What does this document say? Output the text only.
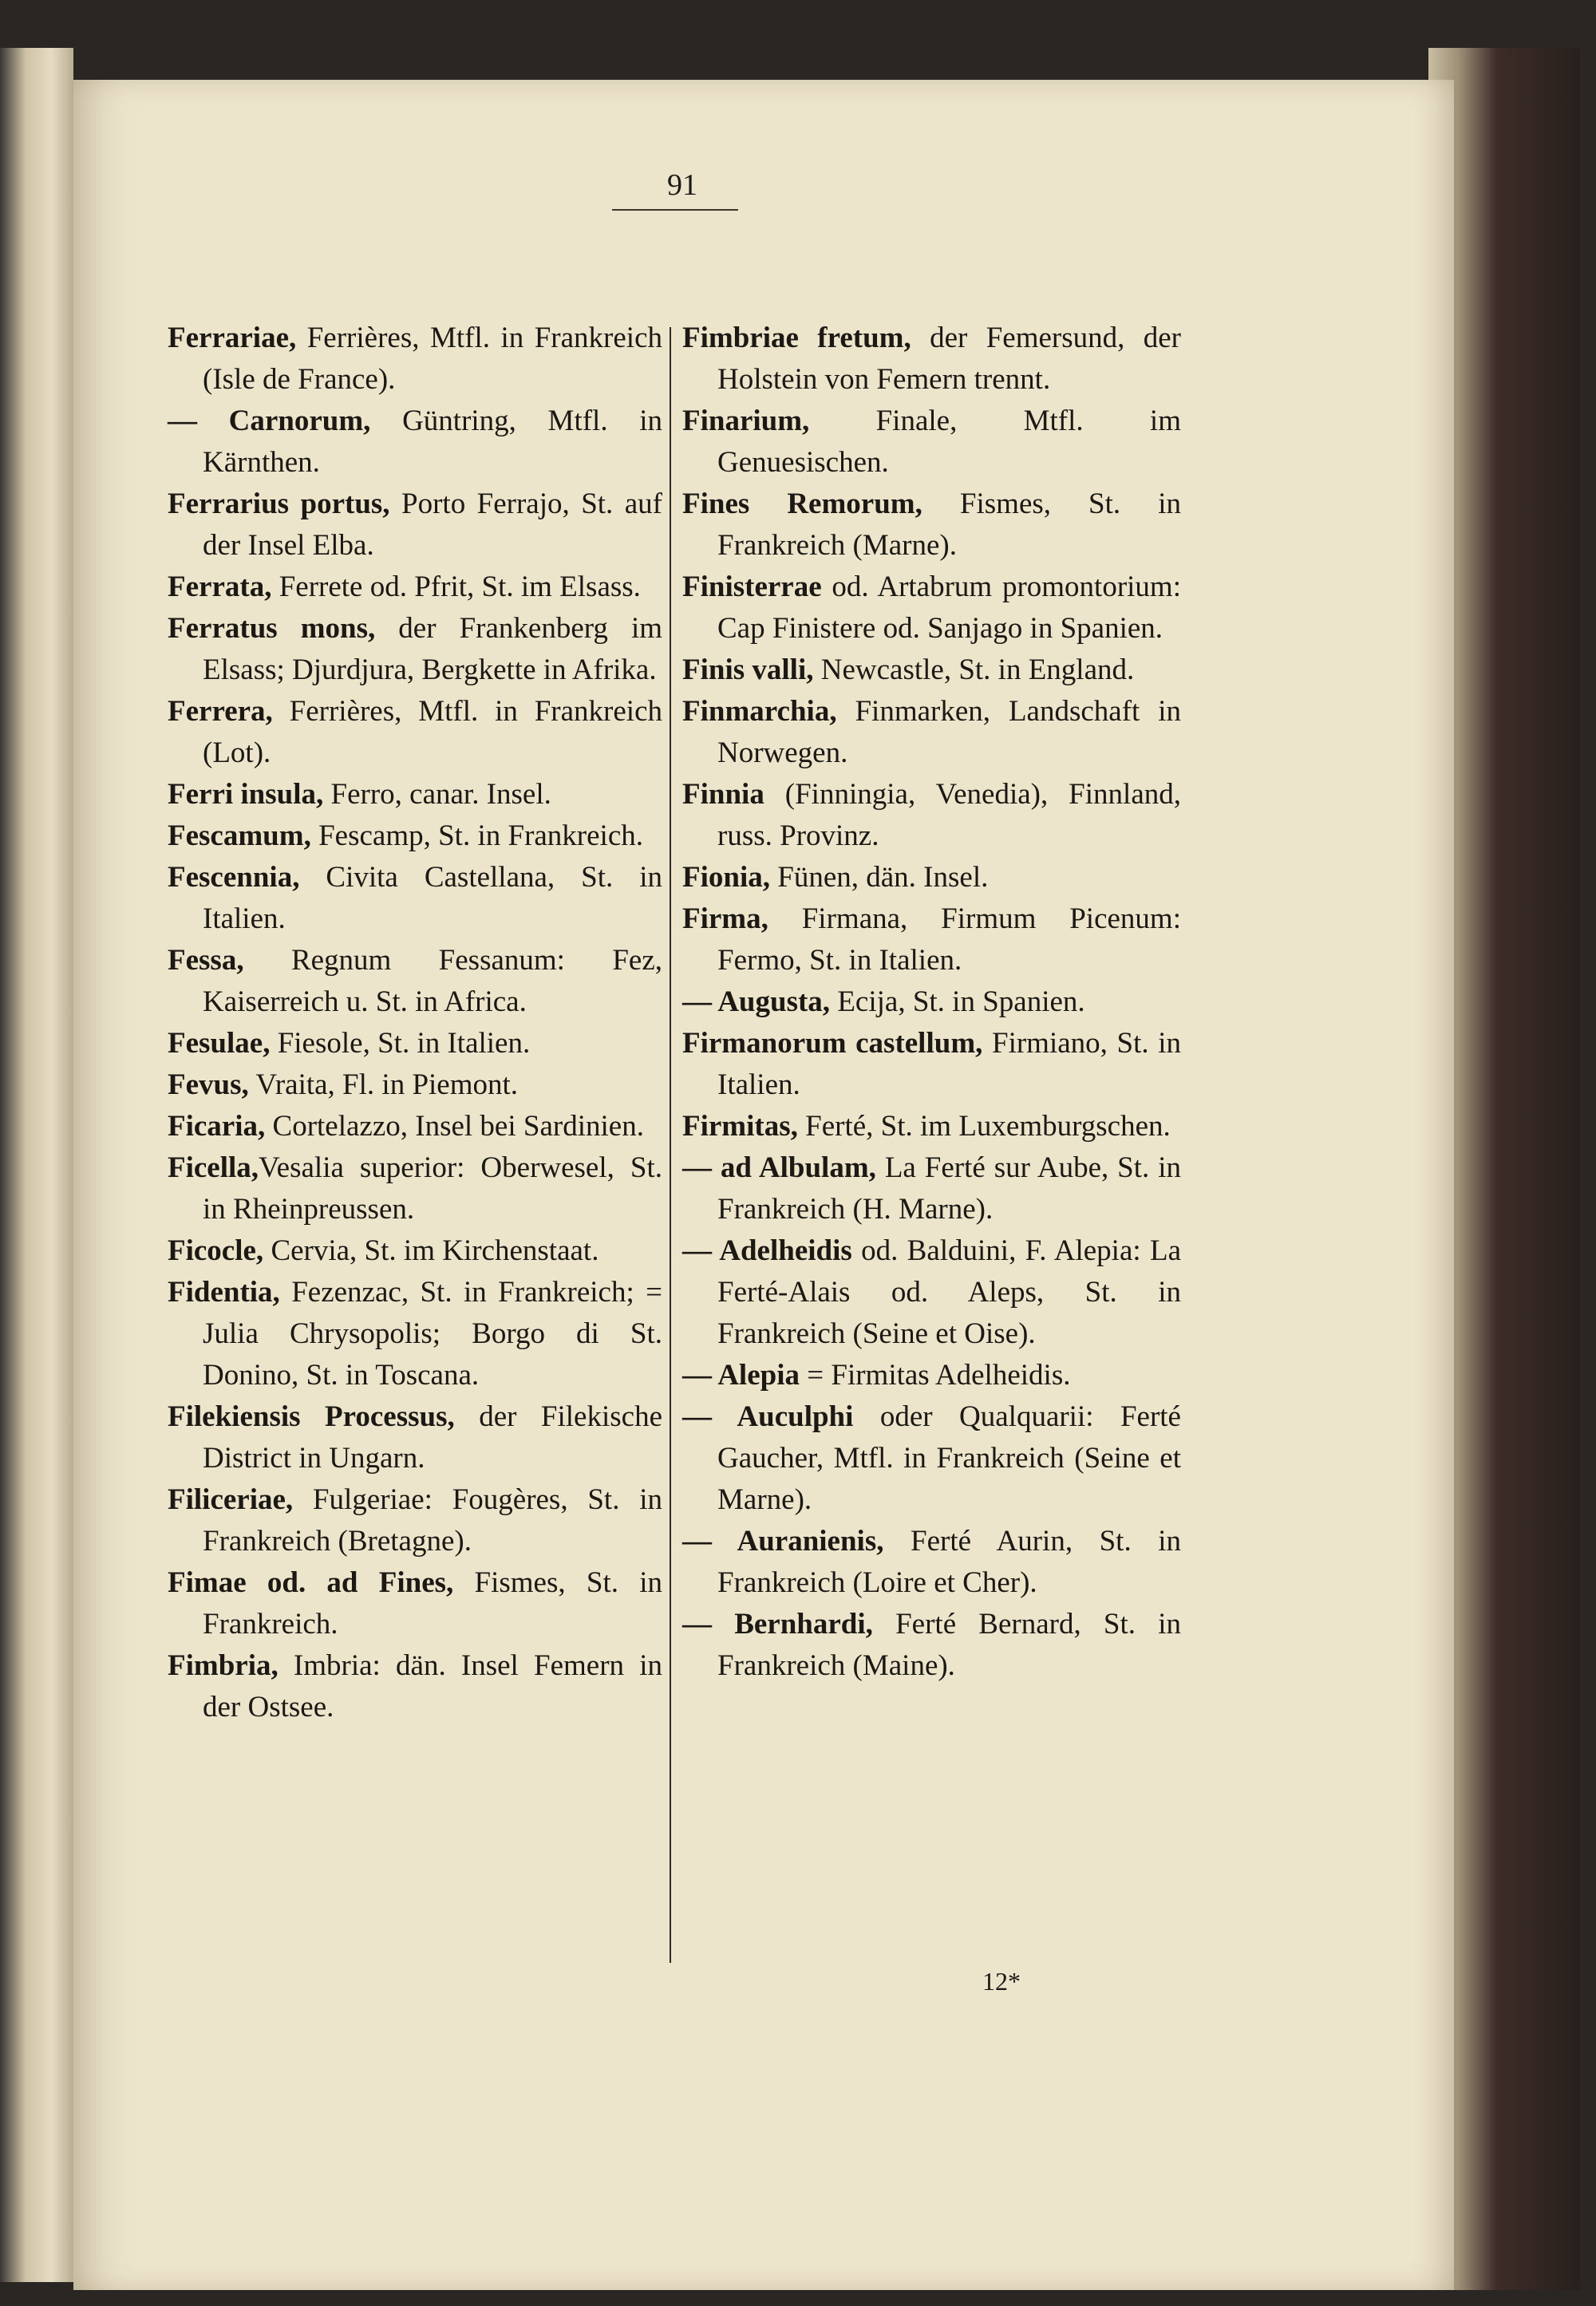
91

Ferrariae, Ferrières, Mtfl. in Frankreich (Isle de France).

— Carnorum, Güntring, Mtfl. in Kärnthen.

Ferrarius portus, Porto Ferrajo, St. auf der Insel Elba.

Ferrata, Ferrete od. Pfrit, St. im Elsass.

Ferratus mons, der Frankenberg im Elsass; Djurdjura, Bergkette in Afrika.

Ferrera, Ferrières, Mtfl. in Frankreich (Lot).

Ferri insula, Ferro, canar. Insel.

Fescamum, Fescamp, St. in Frankreich.

Fescennia, Civita Castellana, St. in Italien.

Fessa, Regnum Fessanum: Fez, Kaiserreich u. St. in Africa.

Fesulae, Fiesole, St. in Italien.

Fevus, Vraita, Fl. in Piemont.

Ficaria, Cortelazzo, Insel bei Sardinien.

Ficella,Vesalia superior: Oberwesel, St. in Rheinpreussen.

Ficocle, Cervia, St. im Kirchenstaat.

Fidentia, Fezenzac, St. in Frankreich; = Julia Chrysopolis; Borgo di St. Donino, St. in Toscana.

Filekiensis Processus, der Filekische District in Ungarn.

Filiceriae, Fulgeriae: Fougères, St. in Frankreich (Bretagne).

Fimae od. ad Fines, Fismes, St. in Frankreich.

Fimbria, Imbria: dän. Insel Femern in der Ostsee.

Fimbriae fretum, der Femersund, der Holstein von Femern trennt.

Finarium, Finale, Mtfl. im Genuesischen.

Fines Remorum, Fismes, St. in Frankreich (Marne).

Finisterrae od. Artabrum promontorium: Cap Finistere od. Sanjago in Spanien.

Finis valli, Newcastle, St. in England.

Finmarchia, Finmarken, Landschaft in Norwegen.

Finnia (Finningia, Venedia), Finnland, russ. Provinz.

Fionia, Fünen, dän. Insel.

Firma, Firmana, Firmum Picenum: Fermo, St. in Italien.

— Augusta, Ecija, St. in Spanien.

Firmanorum castellum, Firmiano, St. in Italien.

Firmitas, Ferté, St. im Luxemburgschen.

— ad Albulam, La Ferté sur Aube, St. in Frankreich (H. Marne).

— Adelheidis od. Balduini, F. Alepia: La Ferté-Alais od. Aleps, St. in Frankreich (Seine et Oise).

— Alepia = Firmitas Adelheidis.

— Auculphi oder Qualquarii: Ferté Gaucher, Mtfl. in Frankreich (Seine et Marne).

— Auranienis, Ferté Aurin, St. in Frankreich (Loire et Cher).

— Bernhardi, Ferté Bernard, St. in Frankreich (Maine).

12*
